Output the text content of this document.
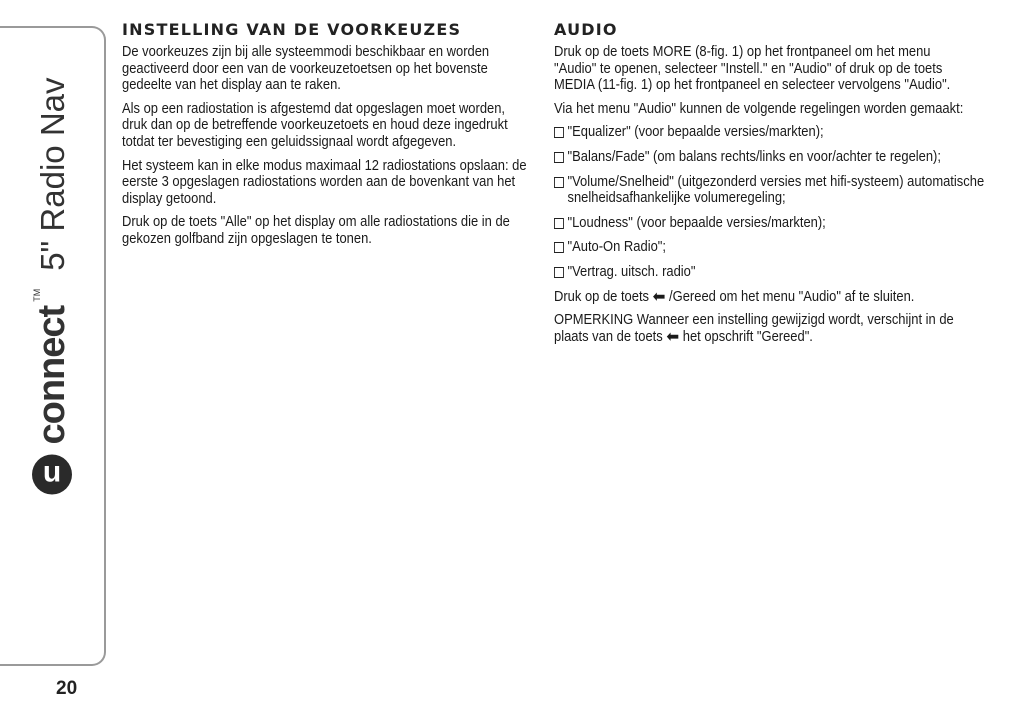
u
connect
TM
5" Radio Nav
20
INSTELLING VAN DE VOORKEUZES

De voorkeuzes zijn bij alle systeemmodi beschikbaar en worden geactiveerd door een van de voorkeuzetoetsen op het bovenste gedeelte van het display aan te raken.

Als op een radiostation is afgestemd dat opgeslagen moet worden, druk dan op de betreffende voorkeuzetoets en houd deze ingedrukt totdat ter bevestiging een geluidssignaal wordt afgegeven.

Het systeem kan in elke modus maximaal 12 radiostations opslaan: de eerste 3 opgeslagen radiostations worden aan de bovenkant van het display getoond.

Druk op de toets "Alle" op het display om alle radiostations die in de gekozen golfband zijn opgeslagen te tonen.

AUDIO

Druk op de toets MORE (8-fig. 1) op het frontpaneel om het menu "Audio" te openen, selecteer "Instell." en "Audio" of druk op de toets MEDIA (11-fig. 1) op het frontpaneel en selecteer vervolgens "Audio".

Via het menu "Audio" kunnen de volgende regelingen worden gemaakt:

"Equalizer" (voor bepaalde versies/markten);
"Balans/Fade" (om balans rechts/links en voor/achter te regelen);
"Volume/Snelheid" (uitgezonderd versies met hifi-systeem) automatische snelheidsafhankelijke volumeregeling;
"Loudness" (voor bepaalde versies/markten);
"Auto-On Radio";
"Vertrag. uitsch. radio"

Druk op de toets ⬅ /Gereed om het menu "Audio" af te sluiten.

OPMERKING Wanneer een instelling gewijzigd wordt, verschijnt in de plaats van de toets ⬅ het opschrift "Gereed".
